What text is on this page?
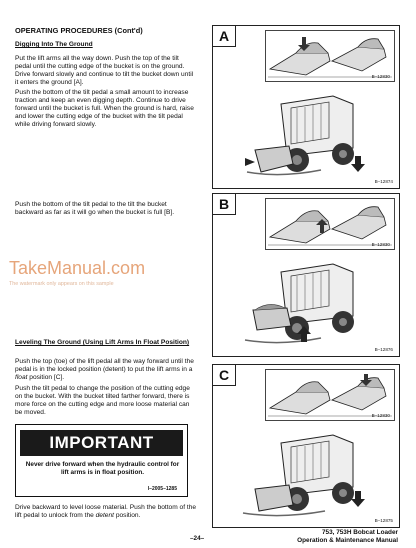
OPERATING PROCEDURES (Cont'd)

Digging Into The Ground

Put the lift arms all the way down. Push the top of the tilt pedal until the cutting edge of the bucket is on the ground. Drive forward slowly and continue to tilt the bucket down until it enters the ground [A].

Push the bottom of the tilt pedal a small amount to increase traction and keep an even digging depth. Continue to drive forward until the bucket is full. When the ground is hard, raise and lower the cutting edge of the bucket with the tilt pedal while driving forward slowly.

Push the bottom of the tilt pedal to the tilt the bucket backward as far as it will go when the bucket is full [B].

TakeManual.com
The watermark only appears on this sample

Leveling The Ground (Using Lift Arms In Float Position)

Push the top (toe) of the lift pedal all the way forward until the pedal is in the locked position (detent) to put the lift arms in a float position [C].

Push the tilt pedal to change the position of the cutting edge on the bucket. With the bucket tilted farther forward, there is more force on the cutting edge and more loose material can be moved.

IMPORTANT
Never drive forward when the hydraulic control for lift arms is in float position.
I–2005–1285

Drive backward to level loose material. Push the bottom of the lift pedal to unlock from the detent position.

A
B–12830
B–12874
B
B–12830
B–12876
C
B–12830
B–12875
–24–
753, 753H Bobcat Loader
Operation & Maintenance Manual
